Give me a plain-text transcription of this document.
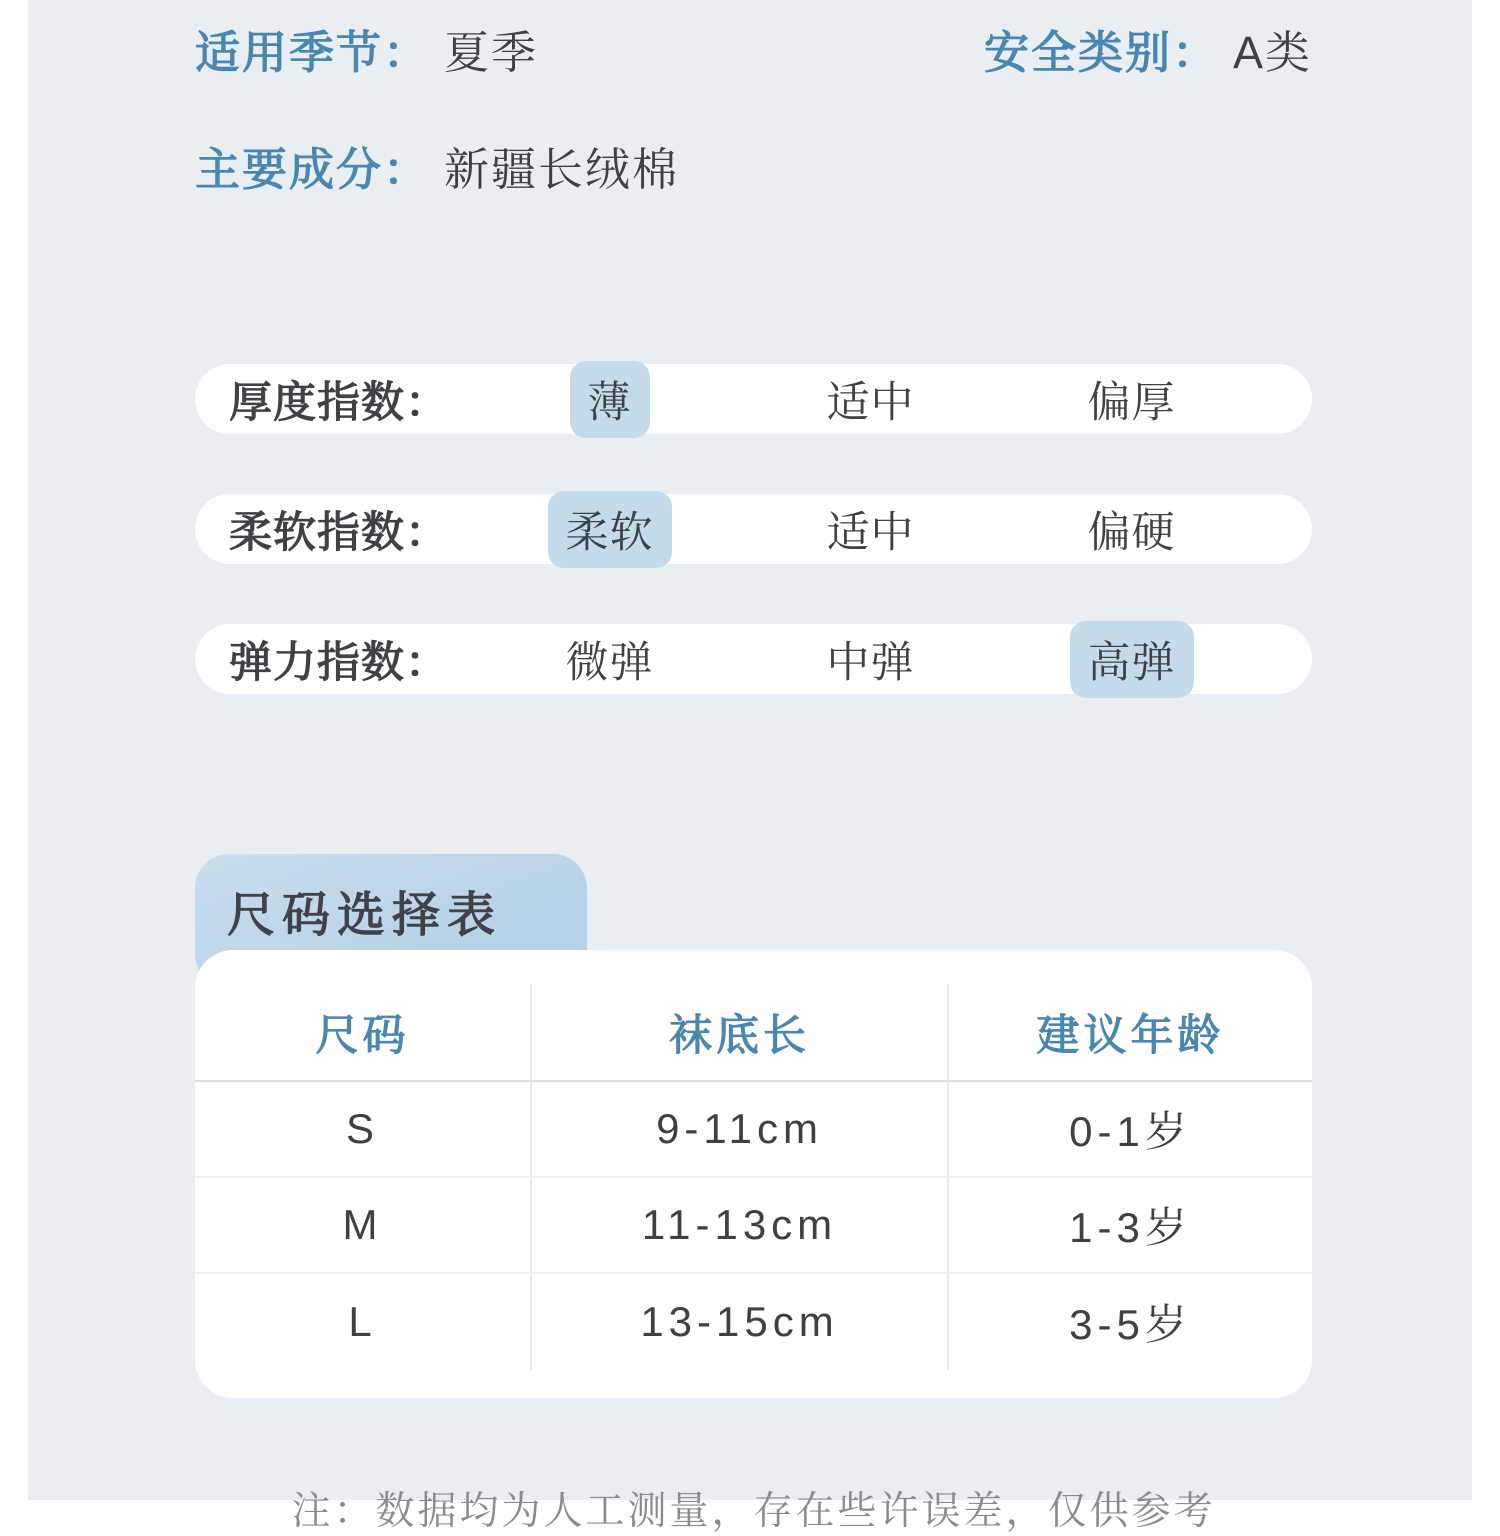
适用季节： 夏季	安全类别： A类
主要成分： 新疆长绒棉
厚度指数：	薄	适中	偏厚
柔软指数：	柔软	适中	偏硬
弹力指数：	微弹	中弹	高弹
尺码选择表
尺码	袜底长	建议年龄
S	9-11cm	0-1岁
M	11-13cm	1-3岁
L	13-15cm	3-5岁
注：数据均为人工测量，存在些许误差，仅供参考
